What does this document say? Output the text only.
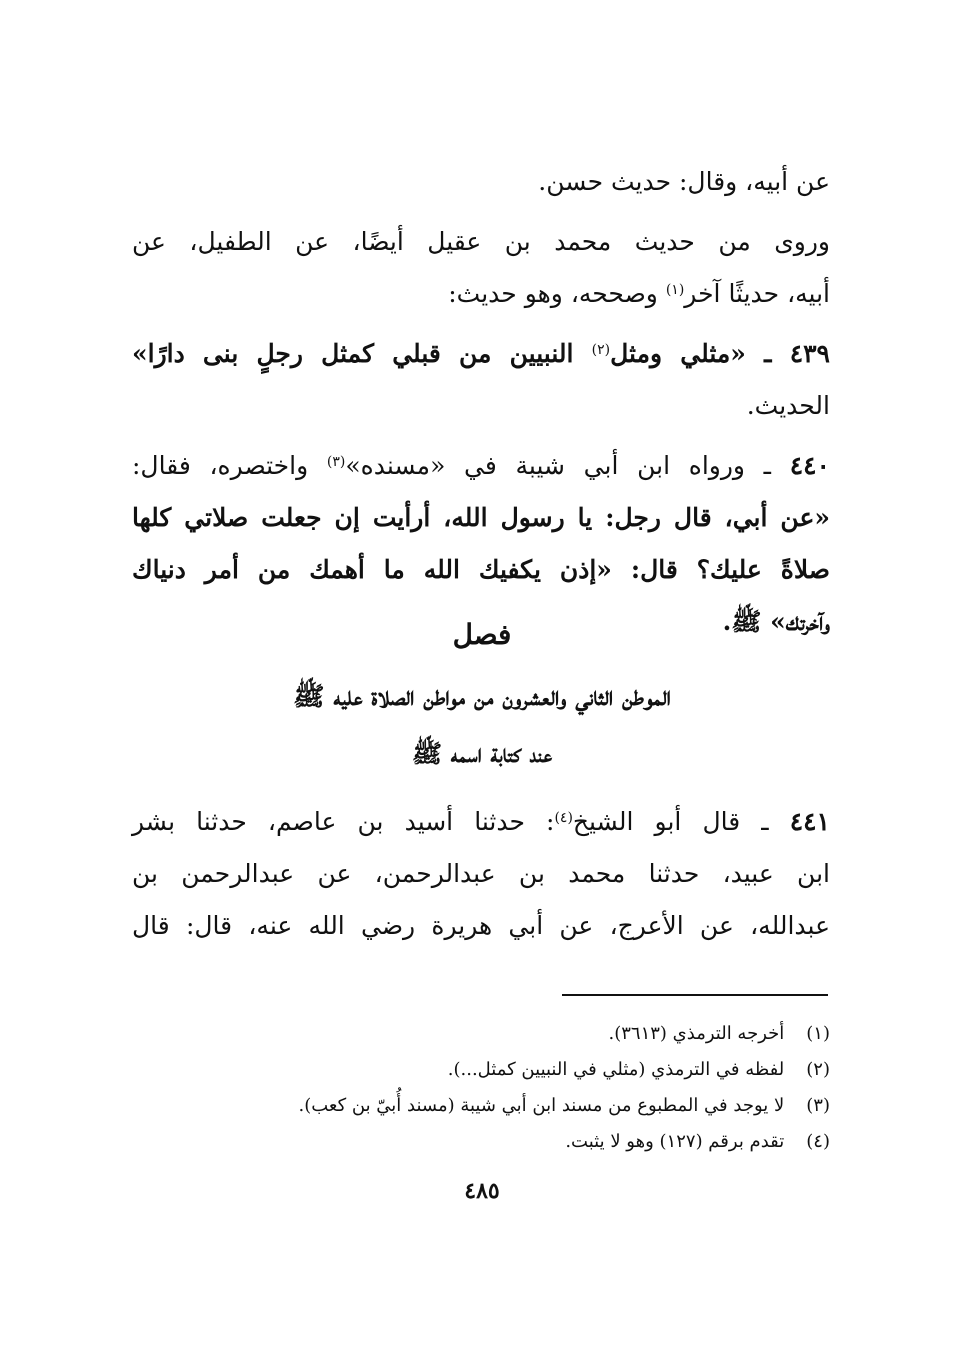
عن أبيه، وقال: حديث حسن.
وروى من حديث محمد بن عقيل أيضًا، عن الطفيل، عن
أبيه، حديثًا آخر$^{(١)}$ وصححه، وهو حديث:
٤٣٩ ـ «مثلي ومثل$^{(٢)}$ النبيين من قبلي كمثل رجلٍ بنى دارًا»
الحديث.
٤٤٠ ـ ورواه ابن أبي شيبة في «مسنده»$^{(٣)}$ واختصره، فقال:
«عن أبي، قال رجل: يا رسول الله، أرأيت إن جعلت صلاتي كلها
صلاةً عليك؟ قال: «إذن يكفيك الله ما أهمك من أمر دنياك
وآخرتك» ﷺ.
فصل
الموطن الثاني والعشرون من مواطن الصلاة عليه ﷺ
عند كتابة اسمه ﷺ
٤٤١ ـ قال أبو الشيخ$^{(٤)}$: حدثنا أسيد بن عاصم، حدثنا بشر
ابن عبيد، حدثنا محمد بن عبدالرحمن، عن عبدالرحمن بن
عبدالله، عن الأعرج، عن أبي هريرة رضي الله عنه، قال: قال
(١) أخرجه الترمذي (٣٦١٣).
(٢) لفظه في الترمذي (مثلي في النبيين كمثل...).
(٣) لا يوجد في المطبوع من مسند ابن أبي شيبة (مسند أُبيّ بن كعب).
(٤) تقدم برقم (١٢٧) وهو لا يثبت.
٤٨٥
